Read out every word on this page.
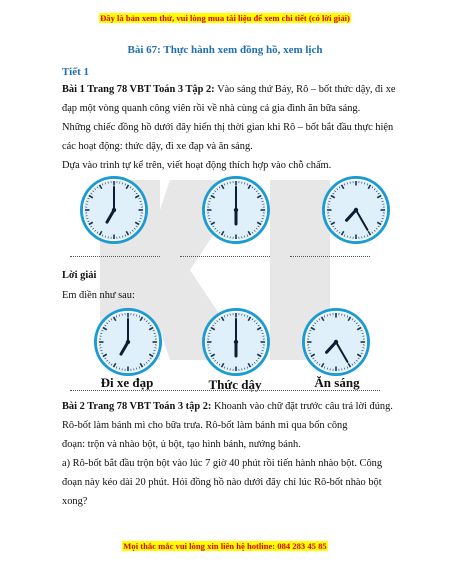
Đây là bản xem thử, vui lòng mua tài liệu để xem chi tiết (có lời giải)
Bài 67: Thực hành xem đồng hồ, xem lịch
Tiết 1
Bài 1 Trang 78 VBT Toán 3 Tập 2: Vào sáng thứ Bảy, Rô – bốt thức dậy, đi xe
đạp một vòng quanh công viên rồi về nhà cùng cả gia đình ăn bữa sáng.
Những chiếc đồng hồ dưới đây hiển thị thời gian khi Rô – bốt bắt đầu thực hiện
các hoạt động: thức dậy, đi xe đạp và ăn sáng.
Dựa vào trình tự kể trên, viết hoạt động thích hợp vào chỗ chấm.
Lời giải
Em điền như sau:
Đi xe đạp	Thức dậy	Ăn sáng
Bài 2 Trang 78 VBT Toán 3 tập 2: Khoanh vào chữ đặt trước câu trả lời đúng.
Rô-bốt làm bánh mì cho bữa trưa. Rô-bốt làm bánh mì qua bốn công
đoạn: trộn và nhào bột, ủ bột, tạo hình bánh, nướng bánh.
a) Rô-bốt bắt đầu trộn bột vào lúc 7 giờ 40 phút rồi tiến hành nhào bột. Công
đoạn này kéo dài 20 phút. Hỏi đồng hồ nào dưới đây chỉ lúc Rô-bốt nhào bột
xong?
Mọi thắc mắc vui lòng xin liên hệ hotline: 084 283 45 85
